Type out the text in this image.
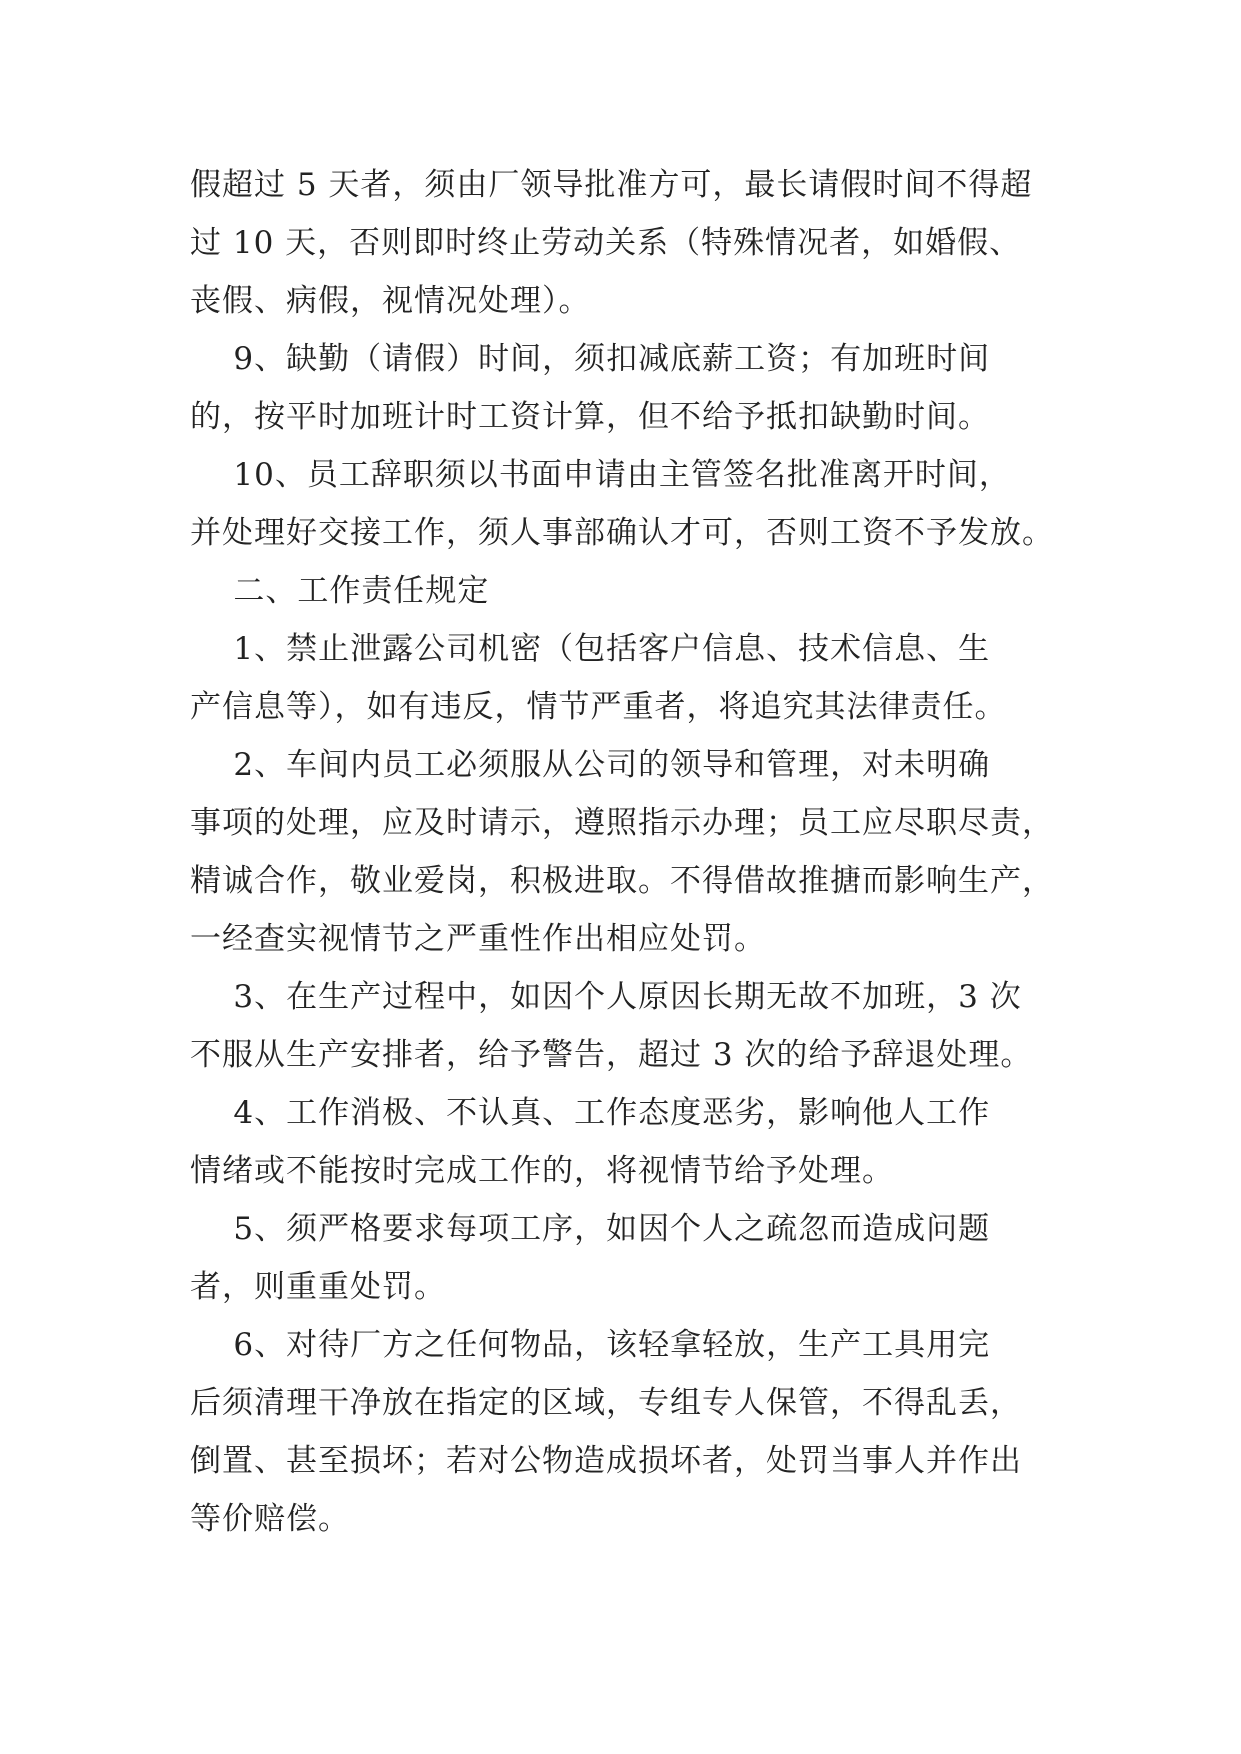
假超过 5 天者，须由厂领导批准方可，最长请假时间不得超
过 10 天，否则即时终止劳动关系（特殊情况者，如婚假、
丧假、病假，视情况处理）。
9、缺勤（请假）时间，须扣减底薪工资；有加班时间
的，按平时加班计时工资计算，但不给予抵扣缺勤时间。
10、员工辞职须以书面申请由主管签名批准离开时间，
并处理好交接工作，须人事部确认才可，否则工资不予发放。
二、工作责任规定
1、禁止泄露公司机密（包括客户信息、技术信息、生
产信息等），如有违反，情节严重者，将追究其法律责任。
2、车间内员工必须服从公司的领导和管理，对未明确
事项的处理，应及时请示，遵照指示办理；员工应尽职尽责，
精诚合作，敬业爱岗，积极进取。不得借故推搪而影响生产，
一经查实视情节之严重性作出相应处罚。
3、在生产过程中，如因个人原因长期无故不加班，3 次
不服从生产安排者，给予警告，超过 3 次的给予辞退处理。
4、工作消极、不认真、工作态度恶劣，影响他人工作
情绪或不能按时完成工作的，将视情节给予处理。
5、须严格要求每项工序，如因个人之疏忽而造成问题
者，则重重处罚。
6、对待厂方之任何物品，该轻拿轻放，生产工具用完
后须清理干净放在指定的区域，专组专人保管，不得乱丢，
倒置、甚至损坏；若对公物造成损坏者，处罚当事人并作出
等价赔偿。
